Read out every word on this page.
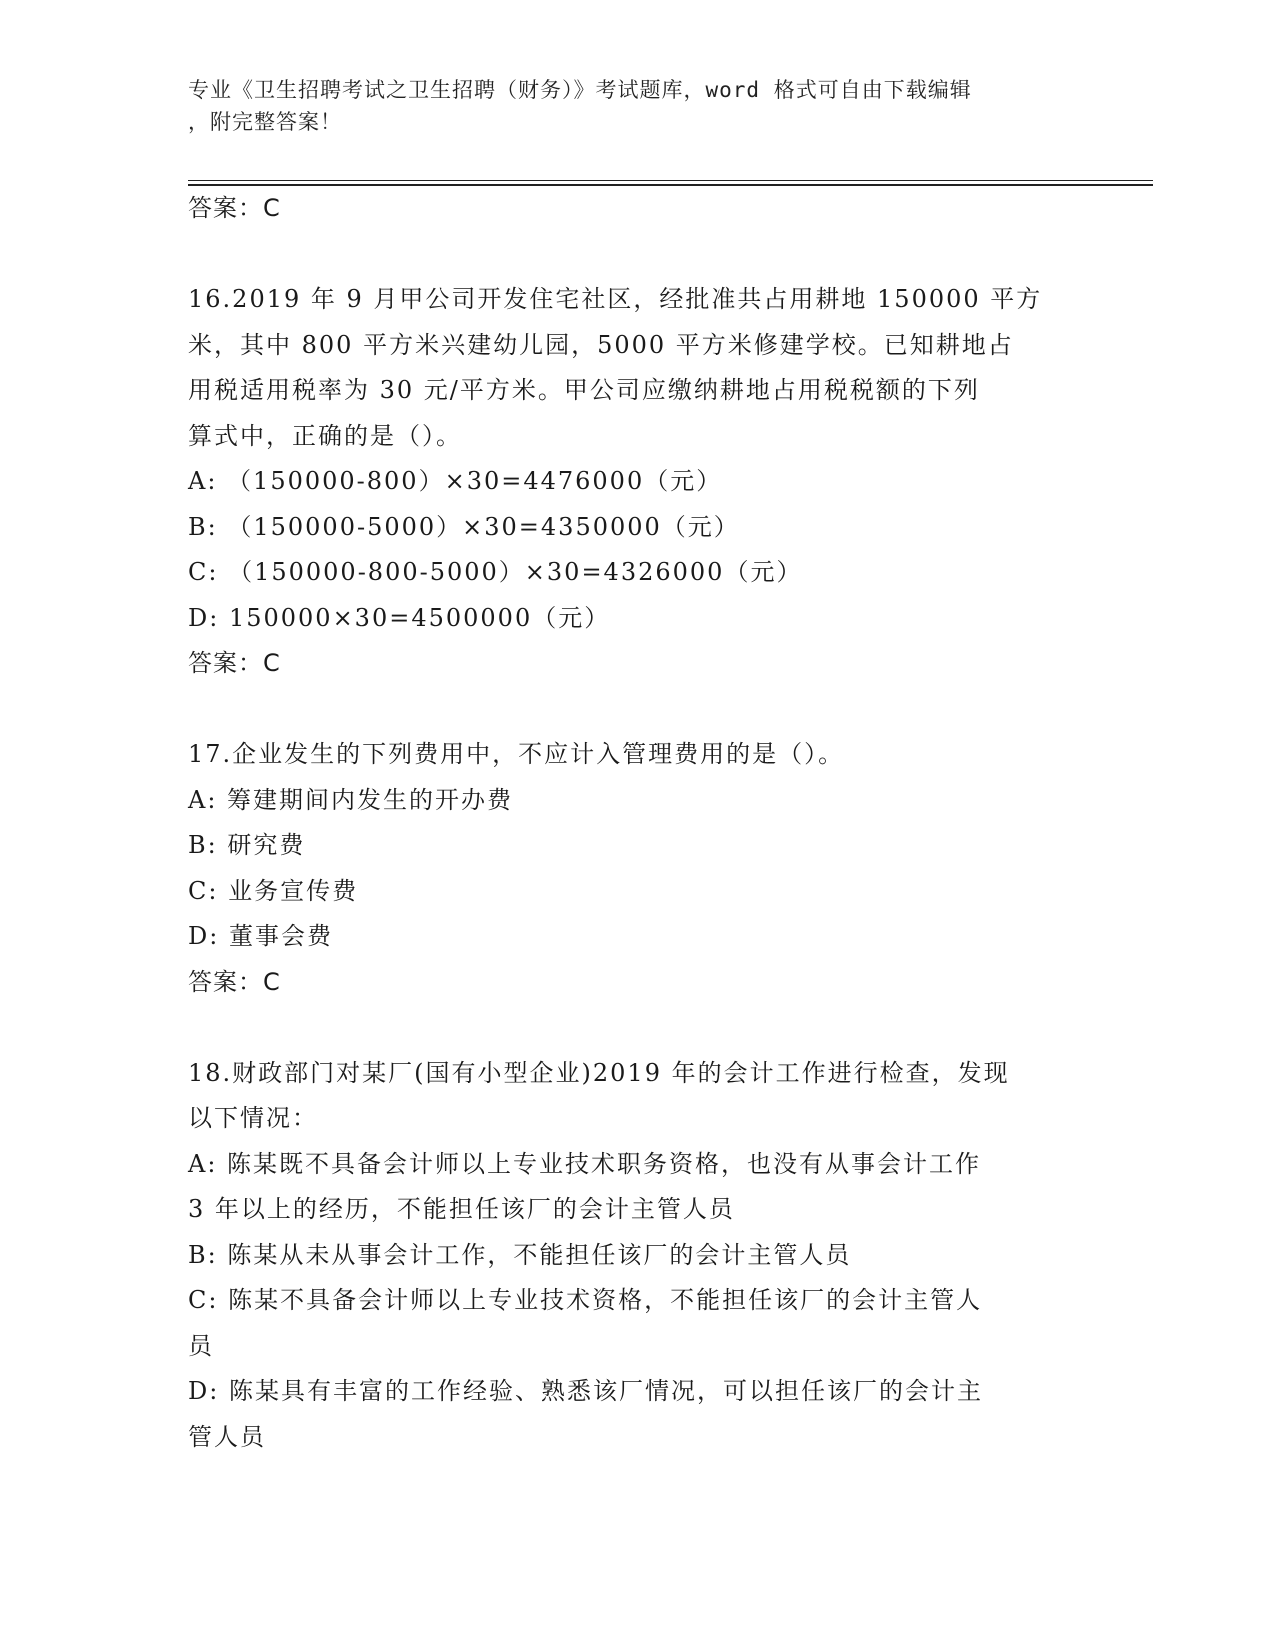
专业《卫生招聘考试之卫生招聘（财务）》考试题库，word 格式可自由下载编辑
，附完整答案！
答案：C
16.2019 年 9 月甲公司开发住宅社区，经批准共占用耕地 150000 平方
米，其中 800 平方米兴建幼儿园，5000 平方米修建学校。已知耕地占
用税适用税率为 30 元/平方米。甲公司应缴纳耕地占用税税额的下列
算式中，正确的是（）。
A: （150000-800）×30=4476000（元）
B: （150000-5000）×30=4350000（元）
C: （150000-800-5000）×30=4326000（元）
D: 150000×30=4500000（元）
答案：C
17.企业发生的下列费用中，不应计入管理费用的是（）。
A: 筹建期间内发生的开办费
B: 研究费
C: 业务宣传费
D: 董事会费
答案：C
18.财政部门对某厂(国有小型企业)2019 年的会计工作进行检查，发现
以下情况：
A: 陈某既不具备会计师以上专业技术职务资格，也没有从事会计工作
3 年以上的经历，不能担任该厂的会计主管人员
B: 陈某从未从事会计工作，不能担任该厂的会计主管人员
C: 陈某不具备会计师以上专业技术资格，不能担任该厂的会计主管人
员
D: 陈某具有丰富的工作经验、熟悉该厂情况，可以担任该厂的会计主
管人员
